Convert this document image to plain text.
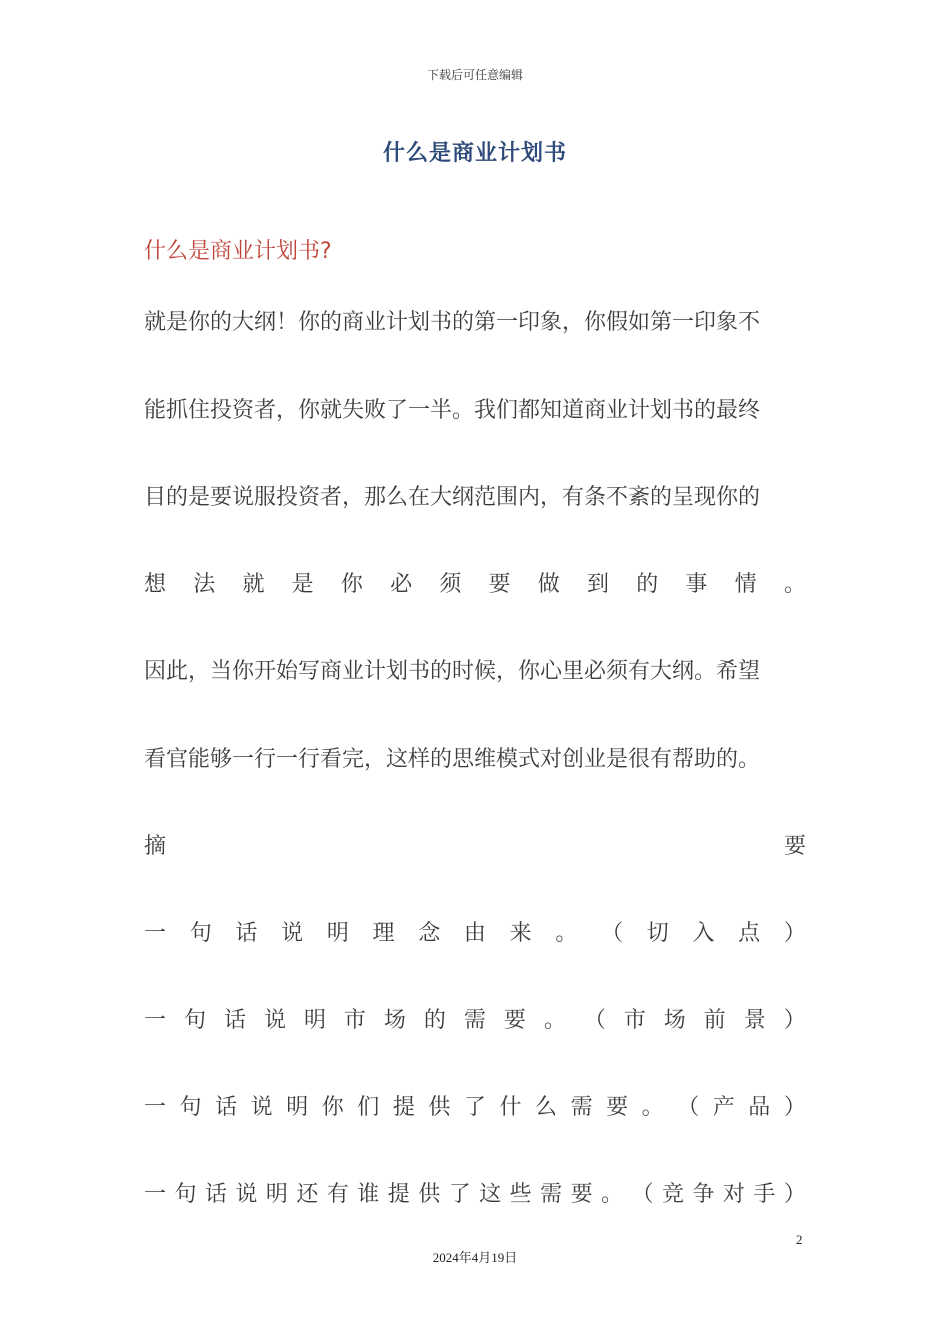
下载后可任意编辑
什么是商业计划书
什么是商业计划书?
就是你的大纲！你的商业计划书的第一印象，你假如第一印象不
能抓住投资者，你就失败了一半。我们都知道商业计划书的最终
目的是要说服投资者，那么在大纲范围内，有条不紊的呈现你的
想 法 就 是 你 必 须 要 做 到 的 事 情 。
因此，当你开始写商业计划书的时候，你心里必须有大纲。希望
看官能够一行一行看完，这样的思维模式对创业是很有帮助的。
摘	要
一 句 话 说 明 理 念 由 来 。 （ 切 入 点 ）
一 句 话 说 明 市 场 的 需 要 。 （ 市 场 前 景 ）
一 句 话 说 明 你 们 提 供 了 什 么 需 要 。 （ 产 品 ）
一 句 话 说 明 还 有 谁 提 供 了 这 些 需 要 。 （ 竞 争 对 手 ）
2
2024年4月19日
